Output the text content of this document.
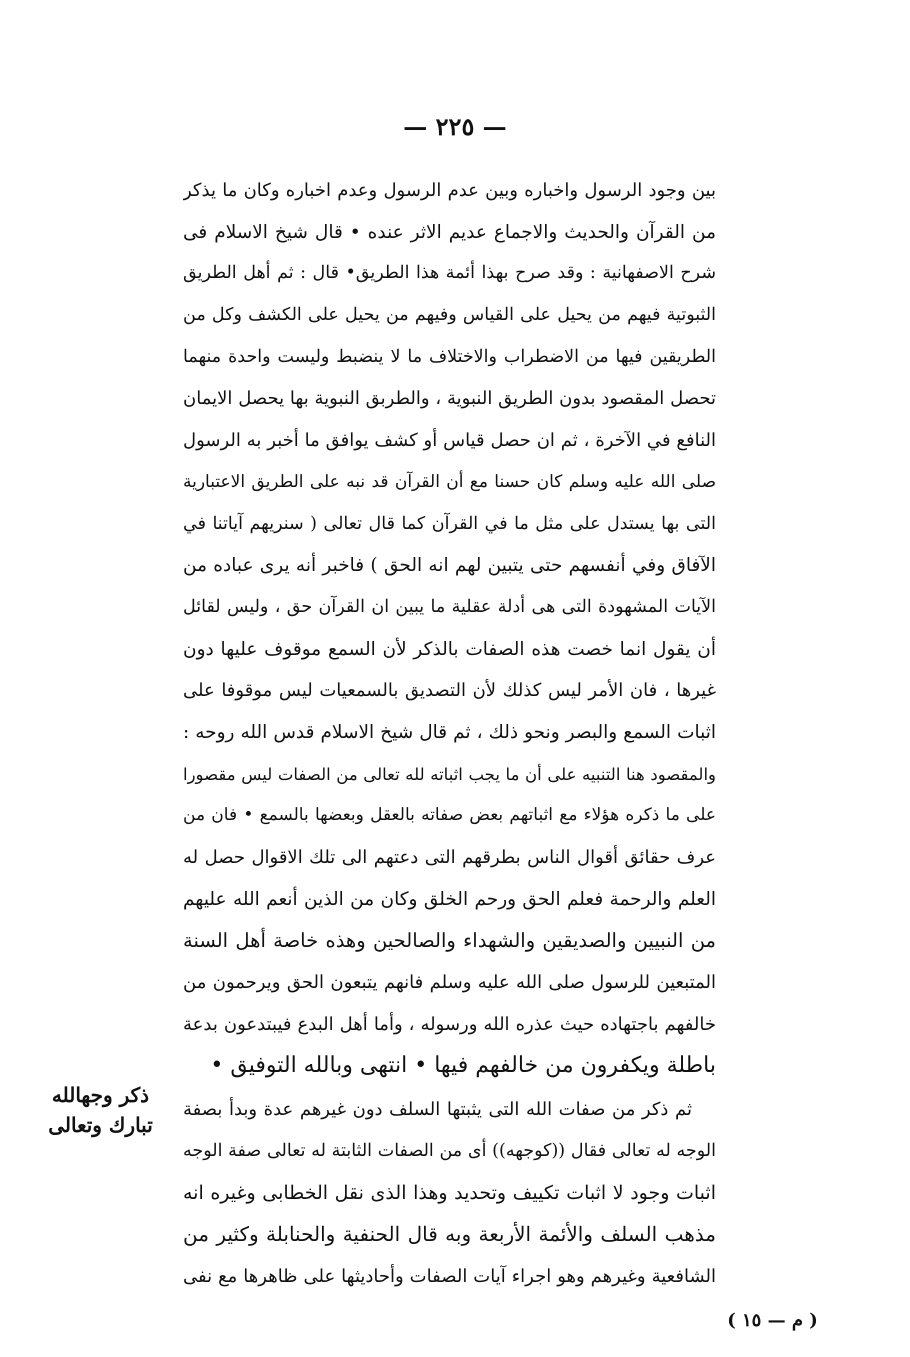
— ٢٢٥ —
ذكر وجهالله
تبارك وتعالى
بين وجود الرسول واخباره وبين عدم الرسول وعدم اخباره وكان ما يذكر
من القرآن والحديث والاجماع عديم الاثر عنده • قال شيخ الاسلام فى
شرح الاصفهانية : وقد صرح بهذا أئمة هذا الطريق• قال : ثم أهل الطريق
الثبوتية فيهم من يحيل على القياس وفيهم من يحيل على الكشف وكل من
الطريقين فيها من الاضطراب والاختلاف ما لا ينضبط وليست واحدة منهما
تحصل المقصود بدون الطريق النبوية ، والطربق النبوية بها يحصل الايمان
النافع في الآخرة ، ثم ان حصل قياس أو كشف يوافق ما أخبر به الرسول
صلى الله عليه وسلم كان حسنا مع أن القرآن قد نبه على الطريق الاعتبارية
التى بها يستدل على مثل ما في القرآن كما قال تعالى ( سنريهم آياتنا في
الآفاق وفي أنفسهم حتى يتبين لهم انه الحق ) فاخبر أنه يرى عباده من
الآيات المشهودة التى هى أدلة عقلية ما يبين ان القرآن حق ، وليس لقائل
أن يقول انما خصت هذه الصفات بالذكر لأن السمع موقوف عليها دون
غيرها ، فان الأمر ليس كذلك لأن التصديق بالسمعيات ليس موقوفا على
اثبات السمع والبصر ونحو ذلك ، ثم قال شيخ الاسلام قدس الله روحه :
والمقصود هنا التنبيه على أن ما يجب اثباته لله تعالى من الصفات ليس مقصورا
على ما ذكره هؤلاء مع اثباتهم بعض صفاته بالعقل وبعضها بالسمع • فان من
عرف حقائق أقوال الناس بطرقهم التى دعتهم الى تلك الاقوال حصل له
العلم والرحمة فعلم الحق ورحم الخلق وكان من الذين أنعم الله عليهم
من النبيين والصديقين والشهداء والصالحين وهذه خاصة أهل السنة
المتبعين للرسول صلى الله عليه وسلم فانهم يتبعون الحق ويرحمون من
خالفهم باجتهاده حيث عذره الله ورسوله ، وأما أهل البدع فيبتدعون بدعة
باطلة ويكفرون من خالفهم فيها • انتهى وبالله التوفيق •
ثم ذكر من صفات الله التى يثبتها السلف دون غيرهم عدة وبدأ بصفة
الوجه له تعالى فقال ((كوجهه)) أى من الصفات الثابتة له تعالى صفة الوجه
اثبات وجود لا اثبات تكييف وتحديد وهذا الذى نقل الخطابى وغيره انه
مذهب السلف والأئمة الأربعة وبه قال الحنفية والحنابلة وكثير من
الشافعية وغيرهم وهو اجراء آيات الصفات وأحاديثها على ظاهرها مع نفى
( م — ١٥ )
